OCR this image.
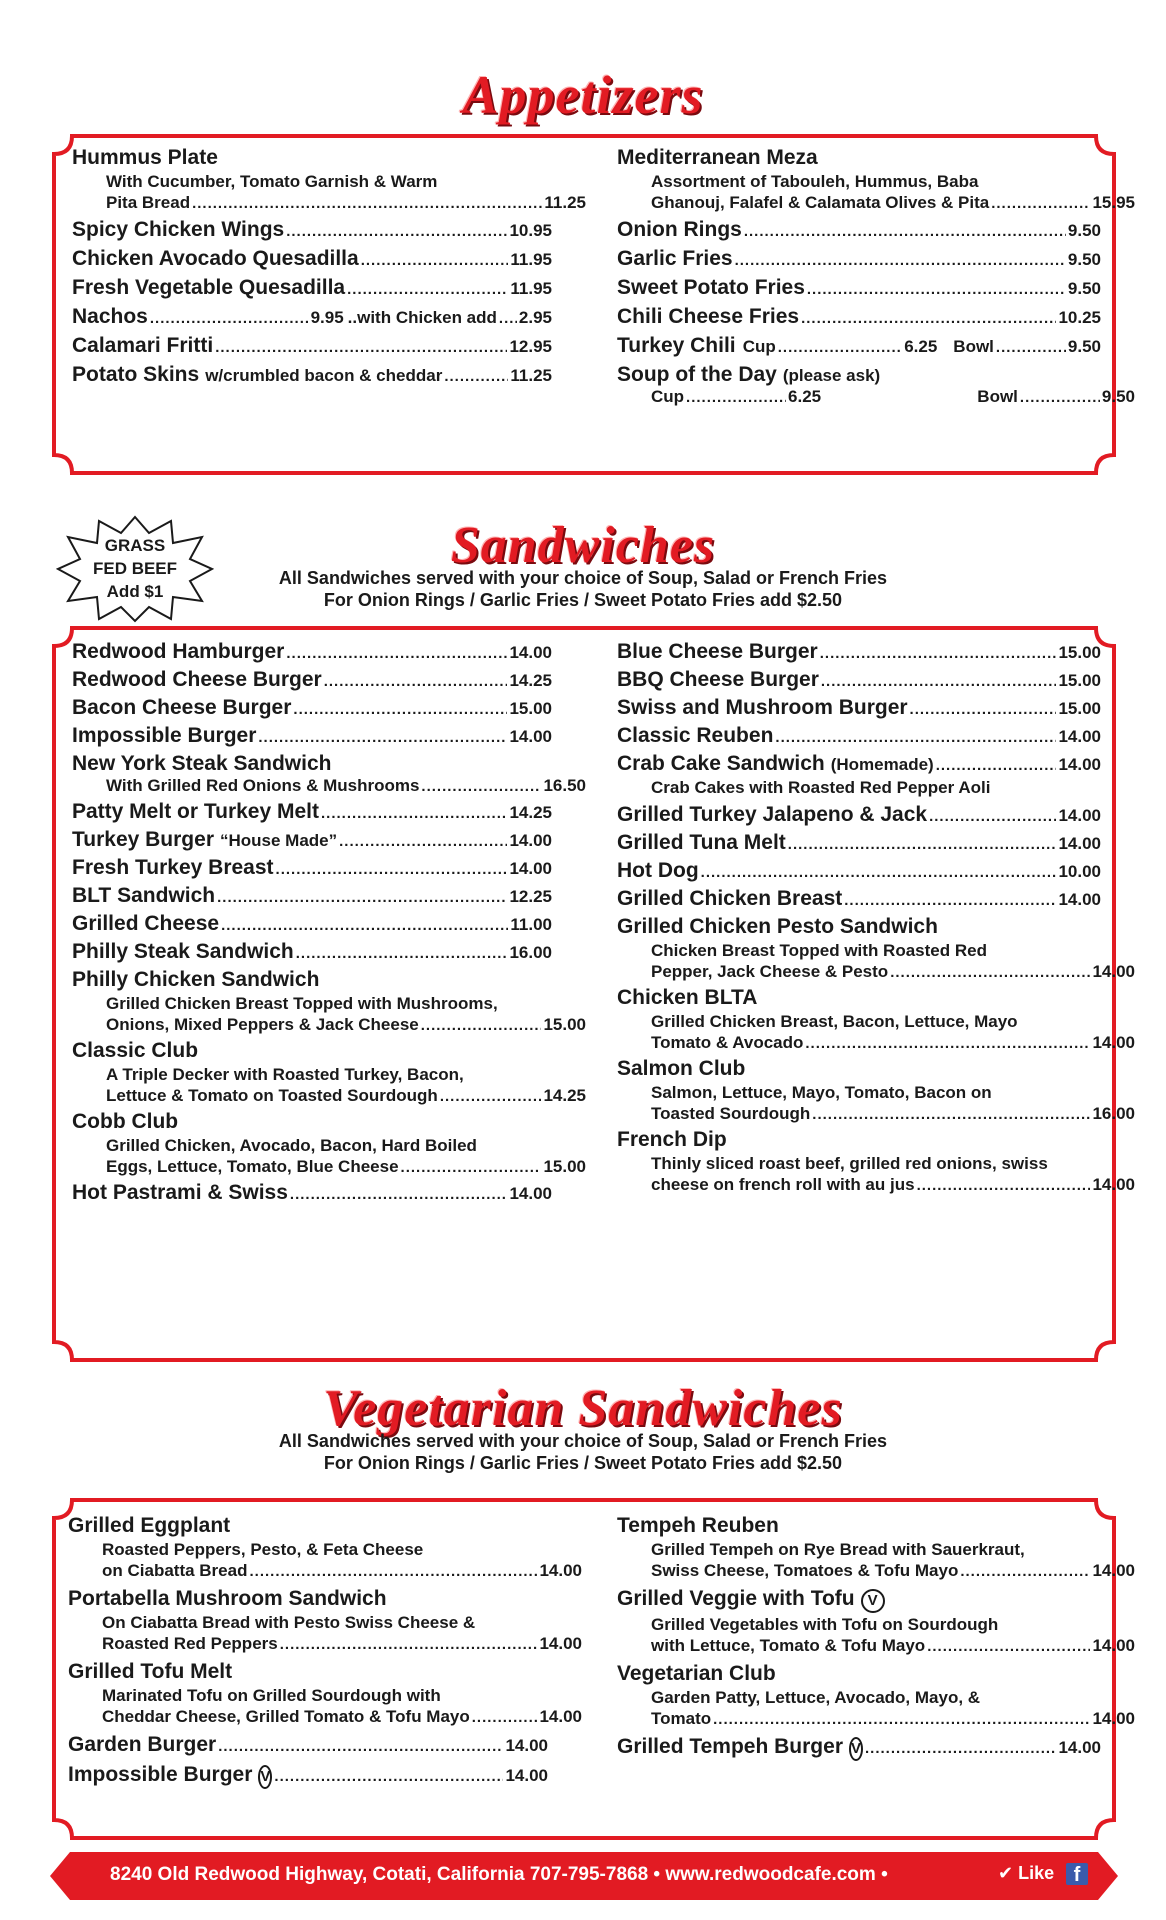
Appetizers
Hummus Plate
With Cucumber, Tomato Garnish & Warm
Pita Bread .....	11.25
Spicy Chicken Wings .....	10.95
Chicken Avocado Quesadilla .....	11.95
Fresh Vegetable Quesadilla .....	11.95
Nachos .....	9.95 ..with Chicken add ..... 2.95
Calamari Fritti .....	12.95
Potato Skins w/crumbled bacon & cheddar .....	11.25
Mediterranean Meza
Assortment of Tabouleh, Hummus, Baba
Ghanouj, Falafel & Calamata Olives & Pita .....	15.95
Onion Rings .....	9.50
Garlic Fries .....	9.50
Sweet Potato Fries .....	9.50
Chili Cheese Fries .....	10.25
Turkey Chili Cup .....	6.25 Bowl .....	9.50
Soup of the Day (please ask)
Cup .....	6.25	Bowl .....	9.50
GRASS
FED BEEF
Add $1
Sandwiches
All Sandwiches served with your choice of Soup, Salad or French Fries
For Onion Rings / Garlic Fries / Sweet Potato Fries add $2.50
Redwood Hamburger .....	14.00
Redwood Cheese Burger .....	14.25
Bacon Cheese Burger .....	15.00
Impossible Burger .....	14.00
New York Steak Sandwich
With Grilled Red Onions & Mushrooms .....	16.50
Patty Melt or Turkey Melt .....	14.25
Turkey Burger “House Made” .....	14.00
Fresh Turkey Breast .....	14.00
BLT Sandwich .....	12.25
Grilled Cheese .....	11.00
Philly Steak Sandwich .....	16.00
Philly Chicken Sandwich
Grilled Chicken Breast Topped with Mushrooms,
Onions, Mixed Peppers & Jack Cheese .....	15.00
Classic Club
A Triple Decker with Roasted Turkey, Bacon,
Lettuce & Tomato on Toasted Sourdough .....	14.25
Cobb Club
Grilled Chicken, Avocado, Bacon, Hard Boiled
Eggs, Lettuce, Tomato, Blue Cheese .....	15.00
Hot Pastrami & Swiss .....	14.00
Blue Cheese Burger .....	15.00
BBQ Cheese Burger .....	15.00
Swiss and Mushroom Burger .....	15.00
Classic Reuben .....	14.00
Crab Cake Sandwich (Homemade) .....	14.00
Crab Cakes with Roasted Red Pepper Aoli
Grilled Turkey Jalapeno & Jack .....	14.00
Grilled Tuna Melt .....	14.00
Hot Dog .....	10.00
Grilled Chicken Breast .....	14.00
Grilled Chicken Pesto Sandwich
Chicken Breast Topped with Roasted Red
Pepper, Jack Cheese & Pesto .....	14.00
Chicken BLTA
Grilled Chicken Breast, Bacon, Lettuce, Mayo
Tomato & Avocado .....	14.00
Salmon Club
Salmon, Lettuce, Mayo, Tomato, Bacon on
Toasted Sourdough .....	16.00
French Dip
Thinly sliced roast beef, grilled red onions, swiss
cheese on french roll with au jus .....	14.00
Vegetarian Sandwiches
All Sandwiches served with your choice of Soup, Salad or French Fries
For Onion Rings / Garlic Fries / Sweet Potato Fries add $2.50
Grilled Eggplant
Roasted Peppers, Pesto, & Feta Cheese
on Ciabatta Bread .....	14.00
Portabella Mushroom Sandwich
On Ciabatta Bread with Pesto Swiss Cheese &
Roasted Red Peppers .....	14.00
Grilled Tofu Melt
Marinated Tofu on Grilled Sourdough with
Cheddar Cheese, Grilled Tomato & Tofu Mayo .....	14.00
Garden Burger .....	14.00
Impossible Burger V .....	14.00
Tempeh Reuben
Grilled Tempeh on Rye Bread with Sauerkraut,
Swiss Cheese, Tomatoes & Tofu Mayo .....	14.00
Grilled Veggie with Tofu V
Grilled Vegetables with Tofu on Sourdough
with Lettuce, Tomato & Tofu Mayo .....	14.00
Vegetarian Club
Garden Patty, Lettuce, Avocado, Mayo, &
Tomato .....	14.00
Grilled Tempeh Burger V .....	14.00
8240 Old Redwood Highway, Cotati, California 707-795-7868 • www.redwoodcafe.com •	✔ Like f
